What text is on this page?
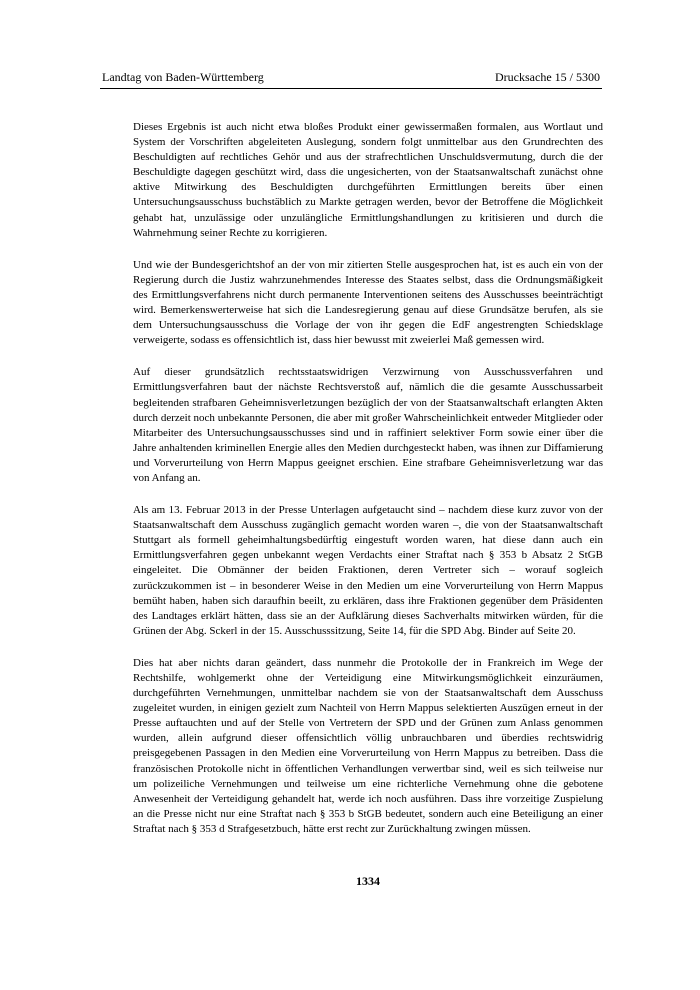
Landtag von Baden-Württemberg	Drucksache 15 / 5300

Dieses Ergebnis ist auch nicht etwa bloßes Produkt einer gewissermaßen formalen, aus Wortlaut und System der Vorschriften abgeleiteten Auslegung, sondern folgt unmittelbar aus den Grundrechten des Beschuldigten auf rechtliches Gehör und aus der strafrechtlichen Unschuldsvermutung, durch die der Beschuldigte dagegen geschützt wird, dass die ungesicherten, von der Staatsanwaltschaft zunächst ohne aktive Mitwirkung des Beschuldigten durchgeführten Ermittlungen bereits über einen Untersuchungsausschuss buchstäblich zu Markte getragen werden, bevor der Betroffene die Möglichkeit gehabt hat, unzulässige oder unzulängliche Ermittlungshandlungen zu kritisieren und durch die Wahrnehmung seiner Rechte zu korrigieren.

Und wie der Bundesgerichtshof an der von mir zitierten Stelle ausgesprochen hat, ist es auch ein von der Regierung durch die Justiz wahrzunehmendes Interesse des Staates selbst, dass die Ordnungsmäßigkeit des Ermittlungsverfahrens nicht durch permanente Interventionen seitens des Ausschusses beeinträchtigt wird. Bemerkenswerterweise hat sich die Landesregierung genau auf diese Grundsätze berufen, als sie dem Untersuchungsausschuss die Vorlage der von ihr gegen die EdF angestrengten Schiedsklage verweigerte, sodass es offensichtlich ist, dass hier bewusst mit zweierlei Maß gemessen wird.

Auf dieser grundsätzlich rechtsstaatswidrigen Verzwirnung von Ausschussverfahren und Ermittlungsverfahren baut der nächste Rechtsverstoß auf, nämlich die die gesamte Ausschussarbeit begleitenden strafbaren Geheimnisverletzungen bezüglich der von der Staatsanwaltschaft erlangten Akten durch derzeit noch unbekannte Personen, die aber mit großer Wahrscheinlichkeit entweder Mitglieder oder Mitarbeiter des Untersuchungsausschusses sind und in raffiniert selektiver Form sowie einer über die Jahre anhaltenden kriminellen Energie alles den Medien durchgesteckt haben, was ihnen zur Diffamierung und Vorverurteilung von Herrn Mappus geeignet erschien. Eine strafbare Geheimnisverletzung war das von Anfang an.

Als am 13. Februar 2013 in der Presse Unterlagen aufgetaucht sind – nachdem diese kurz zuvor von der Staatsanwaltschaft dem Ausschuss zugänglich gemacht worden waren –, die von der Staatsanwaltschaft Stuttgart als formell geheimhaltungsbedürftig eingestuft worden waren, hat diese dann auch ein Ermittlungsverfahren gegen unbekannt wegen Verdachts einer Straftat nach § 353 b Absatz 2 StGB eingeleitet. Die Obmänner der beiden Fraktionen, deren Vertreter sich – worauf sogleich zurückzukommen ist – in besonderer Weise in den Medien um eine Vorverurteilung von Herrn Mappus bemüht haben, haben sich daraufhin beeilt, zu erklären, dass ihre Fraktionen gegenüber dem Präsidenten des Landtages erklärt hätten, dass sie an der Aufklärung dieses Sachverhalts mitwirken würden, für die Grünen der Abg. Sckerl in der 15. Ausschusssitzung, Seite 14, für die SPD Abg. Binder auf Seite 20.

Dies hat aber nichts daran geändert, dass nunmehr die Protokolle der in Frankreich im Wege der Rechtshilfe, wohlgemerkt ohne der Verteidigung eine Mitwirkungsmöglichkeit einzuräumen, durchgeführten Vernehmungen, unmittelbar nachdem sie von der Staatsanwaltschaft dem Ausschuss zugeleitet wurden, in einigen gezielt zum Nachteil von Herrn Mappus selektierten Auszügen erneut in der Presse auftauchten und auf der Stelle von Vertretern der SPD und der Grünen zum Anlass genommen wurden, allein aufgrund dieser offensichtlich völlig unbrauchbaren und überdies rechtswidrig preisgegebenen Passagen in den Medien eine Vorverurteilung von Herrn Mappus zu betreiben. Dass die französischen Protokolle nicht in öffentlichen Verhandlungen verwertbar sind, weil es sich teilweise nur um polizeiliche Vernehmungen und teilweise um eine richterliche Vernehmung ohne die gebotene Anwesenheit der Verteidigung gehandelt hat, werde ich noch ausführen. Dass ihre vorzeitige Zuspielung an die Presse nicht nur eine Straftat nach § 353 b StGB bedeutet, sondern auch eine Beteiligung an einer Straftat nach § 353 d Strafgesetzbuch, hätte erst recht zur Zurückhaltung zwingen müssen.

1334
